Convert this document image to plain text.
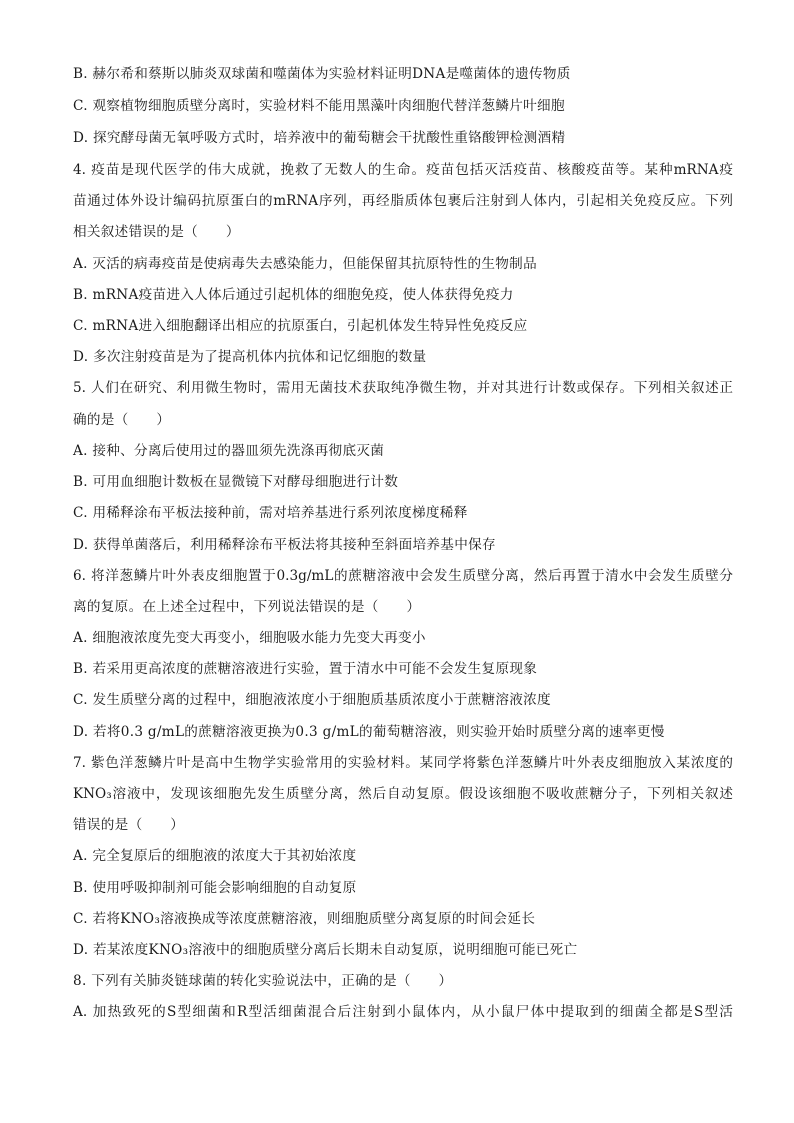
B. 赫尔希和蔡斯以肺炎双球菌和噬菌体为实验材料证明DNA是噬菌体的遗传物质
C. 观察植物细胞质壁分离时，实验材料不能用黑藻叶肉细胞代替洋葱鳞片叶细胞
D. 探究酵母菌无氧呼吸方式时，培养液中的葡萄糖会干扰酸性重铬酸钾检测酒精
4. 疫苗是现代医学的伟大成就，挽救了无数人的生命。疫苗包括灭活疫苗、核酸疫苗等。某种mRNA疫
苗通过体外设计编码抗原蛋白的mRNA序列，再经脂质体包裹后注射到人体内，引起相关免疫反应。下列
相关叙述错误的是（　　）
A. 灭活的病毒疫苗是使病毒失去感染能力，但能保留其抗原特性的生物制品
B. mRNA疫苗进入人体后通过引起机体的细胞免疫，使人体获得免疫力
C. mRNA进入细胞翻译出相应的抗原蛋白，引起机体发生特异性免疫反应
D. 多次注射疫苗是为了提高机体内抗体和记忆细胞的数量
5. 人们在研究、利用微生物时，需用无菌技术获取纯净微生物，并对其进行计数或保存。下列相关叙述正
确的是（　　）
A. 接种、分离后使用过的器皿须先洗涤再彻底灭菌
B. 可用血细胞计数板在显微镜下对酵母细胞进行计数
C. 用稀释涂布平板法接种前，需对培养基进行系列浓度梯度稀释
D. 获得单菌落后，利用稀释涂布平板法将其接种至斜面培养基中保存
6. 将洋葱鳞片叶外表皮细胞置于0.3g/mL的蔗糖溶液中会发生质壁分离，然后再置于清水中会发生质壁分
离的复原。在上述全过程中，下列说法错误的是（　　）
A. 细胞液浓度先变大再变小，细胞吸水能力先变大再变小
B. 若采用更高浓度的蔗糖溶液进行实验，置于清水中可能不会发生复原现象
C. 发生质壁分离的过程中，细胞液浓度小于细胞质基质浓度小于蔗糖溶液浓度
D. 若将0.3 g/mL的蔗糖溶液更换为0.3 g/mL的葡萄糖溶液，则实验开始时质壁分离的速率更慢
7. 紫色洋葱鳞片叶是高中生物学实验常用的实验材料。某同学将紫色洋葱鳞片叶外表皮细胞放入某浓度的
KNO₃溶液中，发现该细胞先发生质壁分离，然后自动复原。假设该细胞不吸收蔗糖分子，下列相关叙述
错误的是（　　）
A. 完全复原后的细胞液的浓度大于其初始浓度
B. 使用呼吸抑制剂可能会影响细胞的自动复原
C. 若将KNO₃溶液换成等浓度蔗糖溶液，则细胞质壁分离复原的时间会延长
D. 若某浓度KNO₃溶液中的细胞质壁分离后长期未自动复原，说明细胞可能已死亡
8. 下列有关肺炎链球菌的转化实验说法中，正确的是（　　）
A. 加热致死的S型细菌和R型活细菌混合后注射到小鼠体内，从小鼠尸体中提取到的细菌全都是S型活
